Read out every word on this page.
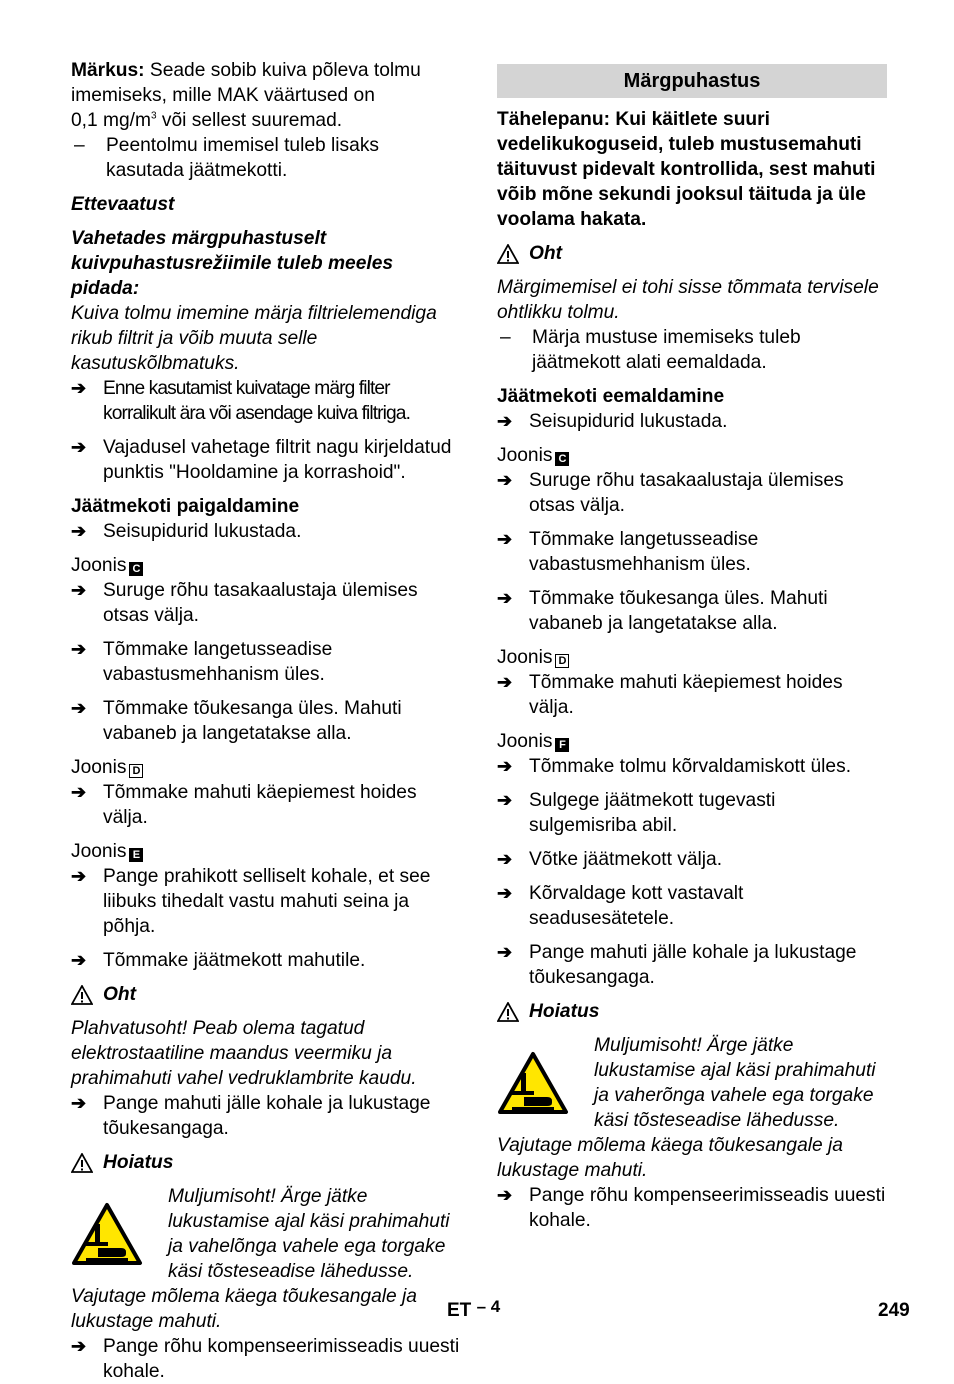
Märkus: Seade sobib kuiva põleva tolmu imemiseks, mille MAK väärtused on
0,1 $mg/m^3$ või sellest suuremad.

–	Peentolmu imemisel tuleb lisaks kasutada jäätmekotti.

Ettevaatust

Vahetades märgpuhastuselt kuivpuhastusrežiimile tuleb meeles pidada:

Kuiva tolmu imemine märja filtrielemendiga rikub filtrit ja võib muuta selle kasutuskõlbmatuks.

➔ Enne kasutamist kuivatage märg filter korralikult ära või asendage kuiva filtriga.
➔ Vajadusel vahetage filtrit nagu kirjeldatud punktis "Hooldamine ja korrashoid".

Jäätmekoti paigaldamine

➔ Seisupidurid lukustada.

Joonis C

➔ Suruge rõhu tasakaalustaja ülemises otsas välja.
➔ Tõmmake langetusseadise vabastusmehhanism üles.
➔ Tõmmake tõukesanga üles. Mahuti vabaneb ja langetatakse alla.

Joonis D

➔ Tõmmake mahuti käepiemest hoides välja.

Joonis E

➔ Pange prahikott selliselt kohale, et see liibuks tihedalt vastu mahuti seina ja põhja.
➔ Tõmmake jäätmekott mahutile.
Oht

Plahvatusoht! Peab olema tagatud elektrostaatiline maandus veermiku ja prahimahuti vahel vedruklambrite kaudu.

➔ Pange mahuti jälle kohale ja lukustage tõukesangaga.
Hoiatus

Muljumisoht! Ärge jätke lukustamise ajal käsi prahimahuti ja vahelõnga vahele ega torgake käsi tõsteseadise lähedusse.

Vajutage mõlema käega tõukesangale ja lukustage mahuti.

➔ Pange rõhu kompenseerimisseadis uuesti kohale.
Märgpuhastus

Tähelepanu: Kui käitlete suuri vedelikukoguseid, tuleb mustusemahuti täituvust pidevalt kontrollida, sest mahuti võib mõne sekundi jooksul täituda ja üle voolama hakata.

Oht

Märgimemisel ei tohi sisse tõmmata tervisele ohtlikku tolmu.

–	Märja mustuse imemiseks tuleb jäätmekott alati eemaldada.

Jäätmekoti eemaldamine

➔ Seisupidurid lukustada.

Joonis C

➔ Suruge rõhu tasakaalustaja ülemises otsas välja.
➔ Tõmmake langetusseadise vabastusmehhanism üles.
➔ Tõmmake tõukesanga üles. Mahuti vabaneb ja langetatakse alla.

Joonis D

➔ Tõmmake mahuti käepiemest hoides välja.

Joonis F

➔ Tõmmake tolmu kõrvaldamiskott üles.
➔ Sulgege jäätmekott tugevasti sulgemisriba abil.
➔ Võtke jäätmekott välja.
➔ Kõrvaldage kott vastavalt seadusesätetele.
➔ Pange mahuti jälle kohale ja lukustage tõukesangaga.
Hoiatus

Muljumisoht! Ärge jätke lukustamise ajal käsi prahimahuti ja vaherõnga vahele ega torgake käsi tõsteseadise lähedusse.

Vajutage mõlema käega tõukesangale ja lukustage mahuti.

➔ Pange rõhu kompenseerimisseadis uuesti kohale.
ET – 4	249
